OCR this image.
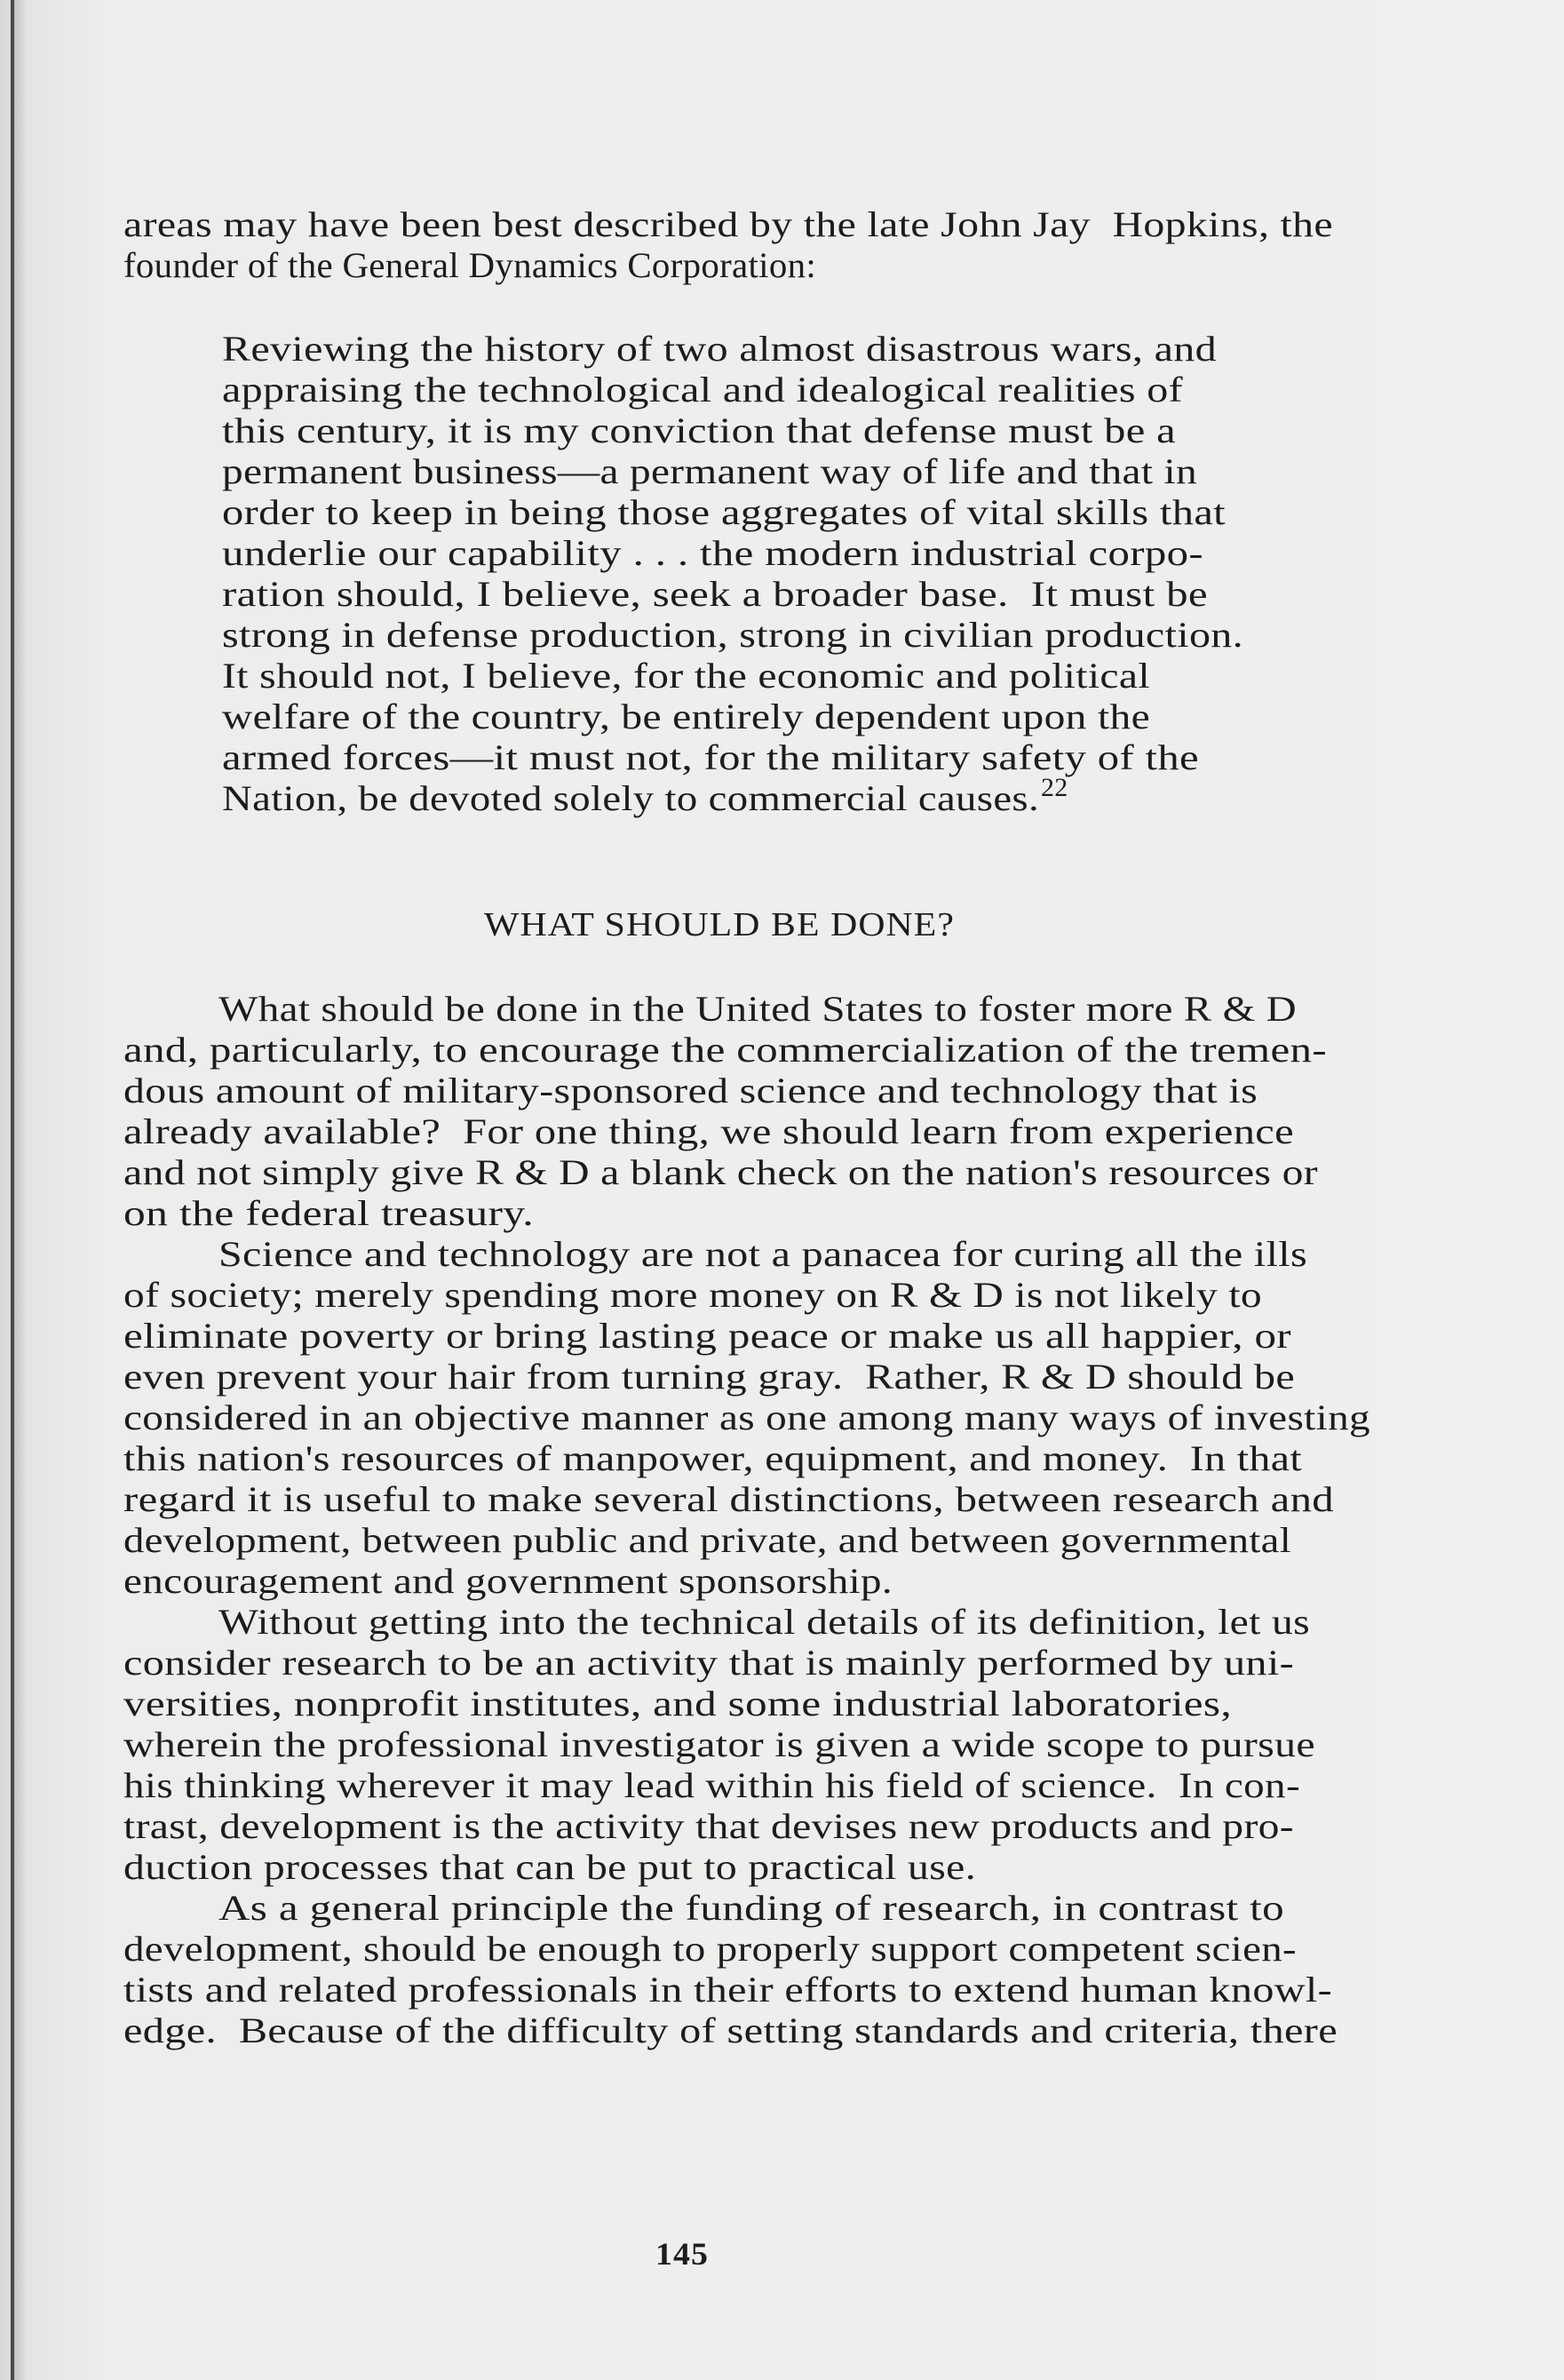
areas may have been best described by the late John Jay  Hopkins, the
founder of the General Dynamics Corporation:
Reviewing the history of two almost disastrous wars, and
appraising the technological and idealogical realities of
this century, it is my conviction that defense must be a
permanent business—a permanent way of life and that in
order to keep in being those aggregates of vital skills that
underlie our capability . . . the modern industrial corpo-
ration should, I believe, seek a broader base.  It must be
strong in defense production, strong in civilian production.
It should not, I believe, for the economic and political
welfare of the country, be entirely dependent upon the
armed forces—it must not, for the military safety of the
Nation, be devoted solely to commercial causes. 22
WHAT SHOULD BE DONE?
What should be done in the United States to foster more R & D
and, particularly, to encourage the commercialization of the tremen-
dous amount of military-sponsored science and technology that is
already available?  For one thing, we should learn from experience
and not simply give R & D a blank check on the nation's resources or
on the federal treasury.
Science and technology are not a panacea for curing all the ills
of society; merely spending more money on R & D is not likely to
eliminate poverty or bring lasting peace or make us all happier, or
even prevent your hair from turning gray.  Rather, R & D should be
considered in an objective manner as one among many ways of investing
this nation's resources of manpower, equipment, and money.  In that
regard it is useful to make several distinctions, between research and
development, between public and private, and between governmental
encouragement and government sponsorship.
Without getting into the technical details of its definition, let us
consider research to be an activity that is mainly performed by uni-
versities, nonprofit institutes, and some industrial laboratories,
wherein the professional investigator is given a wide scope to pursue
his thinking wherever it may lead within his field of science.  In con-
trast, development is the activity that devises new products and pro-
duction processes that can be put to practical use.
As a general principle the funding of research, in contrast to
development, should be enough to properly support competent scien-
tists and related professionals in their efforts to extend human knowl-
edge.  Because of the difficulty of setting standards and criteria, there
145
